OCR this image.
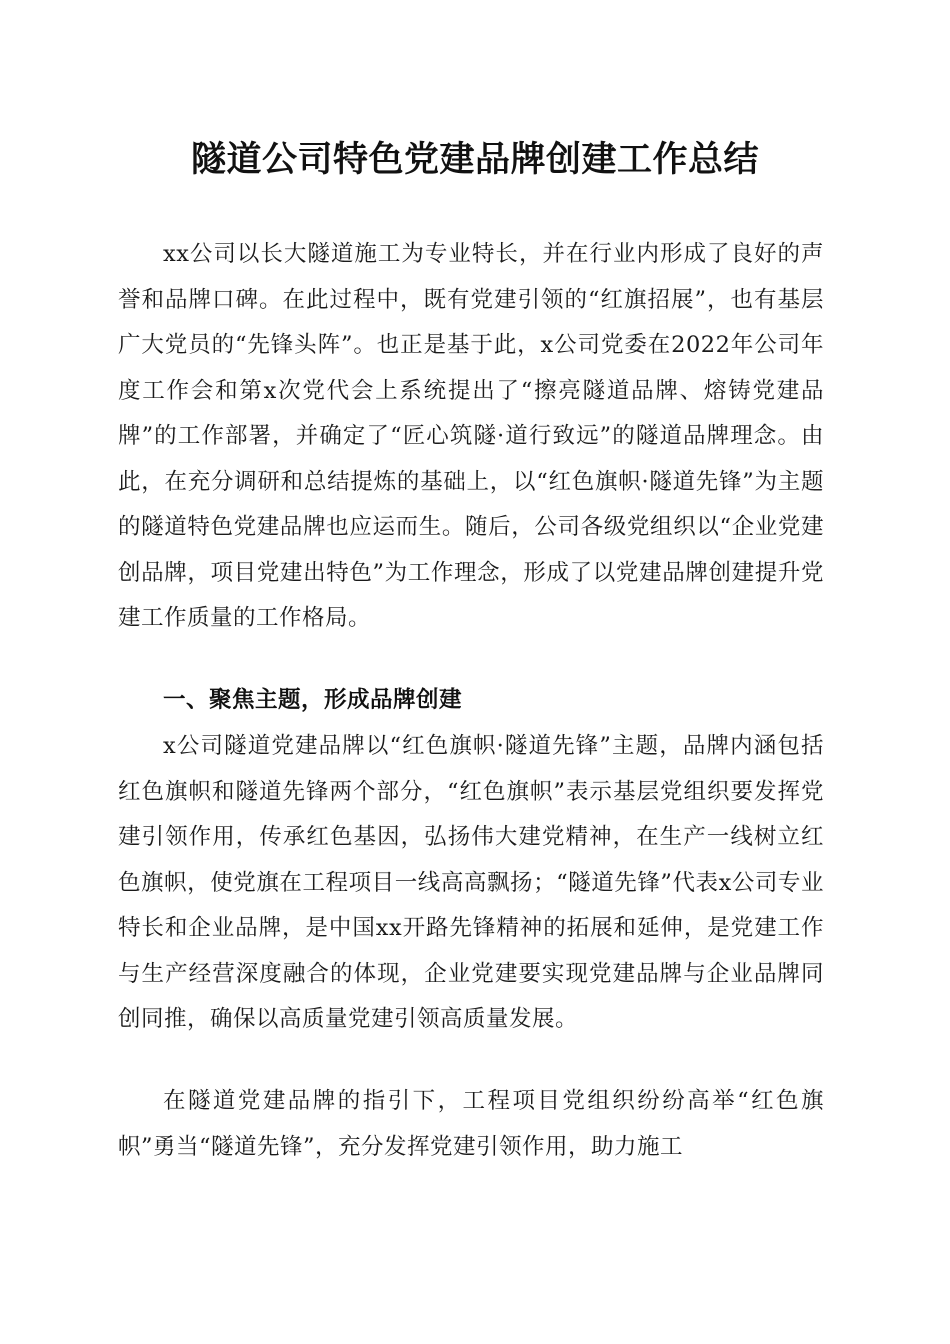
隧道公司特色党建品牌创建工作总结

xx公司以长大隧道施工为专业特长，并在行业内形成了良好的声誉和品牌口碑。在此过程中，既有党建引领的“红旗招展”，也有基层广大党员的“先锋头阵”。也正是基于此，x公司党委在2022年公司年度工作会和第x次党代会上系统提出了“擦亮隧道品牌、熔铸党建品牌”的工作部署，并确定了“匠心筑隧·道行致远”的隧道品牌理念。由此，在充分调研和总结提炼的基础上，以“红色旗帜·隧道先锋”为主题的隧道特色党建品牌也应运而生。随后，公司各级党组织以“企业党建创品牌，项目党建出特色”为工作理念，形成了以党建品牌创建提升党建工作质量的工作格局。

一、聚焦主题，形成品牌创建

x公司隧道党建品牌以“红色旗帜·隧道先锋”主题，品牌内涵包括红色旗帜和隧道先锋两个部分，“红色旗帜”表示基层党组织要发挥党建引领作用，传承红色基因，弘扬伟大建党精神，在生产一线树立红色旗帜，使党旗在工程项目一线高高飘扬；“隧道先锋”代表x公司专业特长和企业品牌，是中国xx开路先锋精神的拓展和延伸，是党建工作与生产经营深度融合的体现，企业党建要实现党建品牌与企业品牌同创同推，确保以高质量党建引领高质量发展。

在隧道党建品牌的指引下，工程项目党组织纷纷高举“红色旗帜”勇当“隧道先锋”，充分发挥党建引领作用，助力施工
